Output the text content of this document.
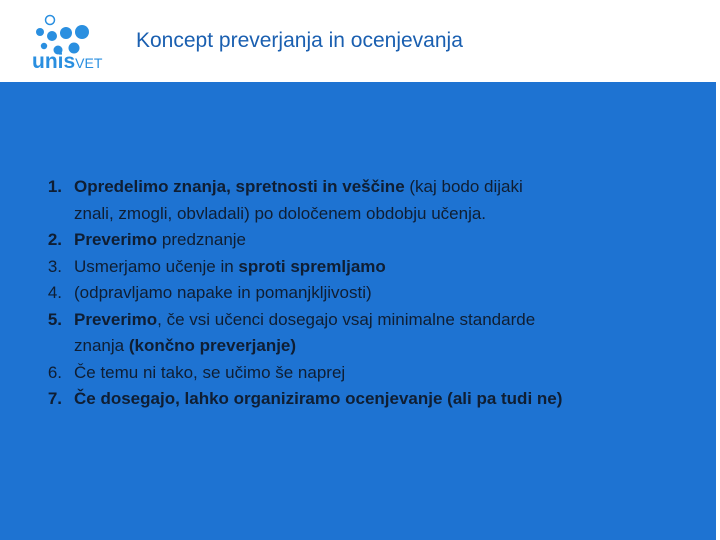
unisVET
Koncept preverjanja in ocenjevanja
1. Opredelimo znanja, spretnosti in veščine (kaj bodo dijaki
znali, zmogli, obvladali) po določenem obdobju učenja.
2. Preverimo predznanje
3. Usmerjamo učenje in sproti spremljamo
4. (odpravljamo napake in pomanjkljivosti)
5. Preverimo, če vsi učenci dosegajo vsaj minimalne standarde
znanja (končno preverjanje)
6. Če temu ni tako, se učimo še naprej
7. Če dosegajo, lahko organiziramo ocenjevanje (ali pa tudi ne)
